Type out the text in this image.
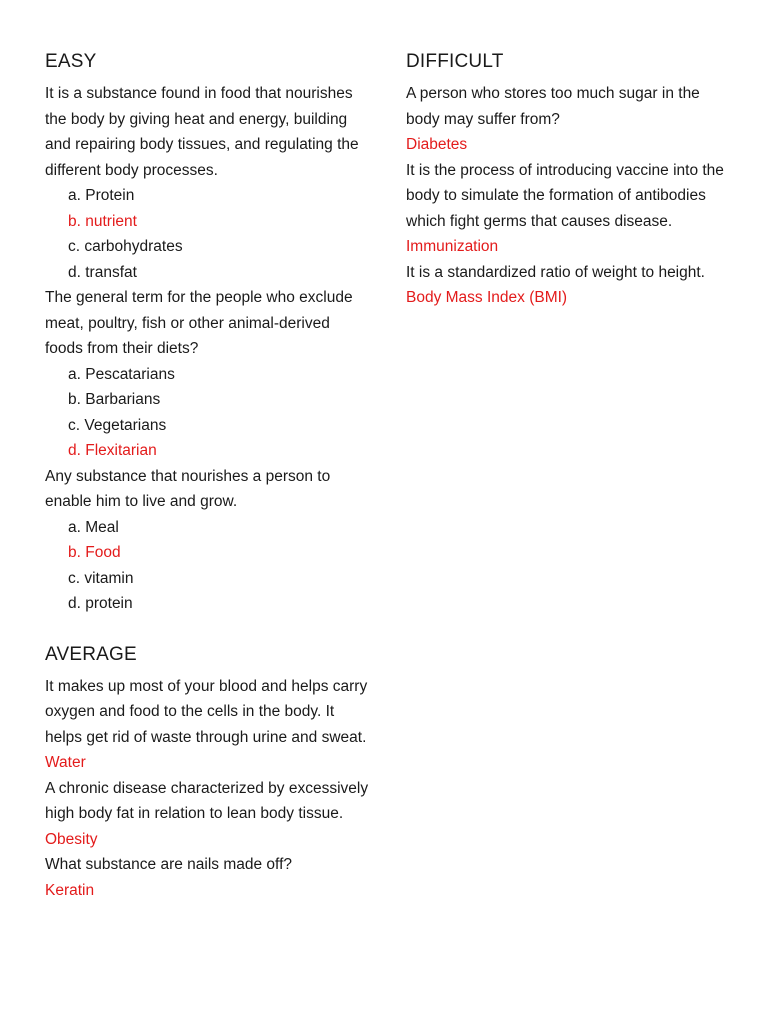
EASY

It is a substance found in food that nourishes the body by giving heat and energy, building and repairing body tissues, and regulating the different body processes.

a. Protein
b. nutrient
c. carbohydrates
d. transfat

The general term for the people who exclude meat, poultry, fish or other animal-derived foods from their diets?

a. Pescatarians
b. Barbarians
c. Vegetarians
d. Flexitarian

Any substance that nourishes a person to enable him to live and grow.

a. Meal
b. Food
c. vitamin
d. protein
AVERAGE

It makes up most of your blood and helps carry oxygen and food to the cells in the body. It helps get rid of waste through urine and sweat.

Water

A chronic disease characterized by excessively high body fat in relation to lean body tissue.

Obesity

What substance are nails made off?

Keratin

DIFFICULT

A person who stores too much sugar in the body may suffer from?

Diabetes

It is the process of introducing vaccine into the body to simulate the formation of antibodies which fight germs that causes disease.

Immunization

It is a standardized ratio of weight to height.

Body Mass Index (BMI)
